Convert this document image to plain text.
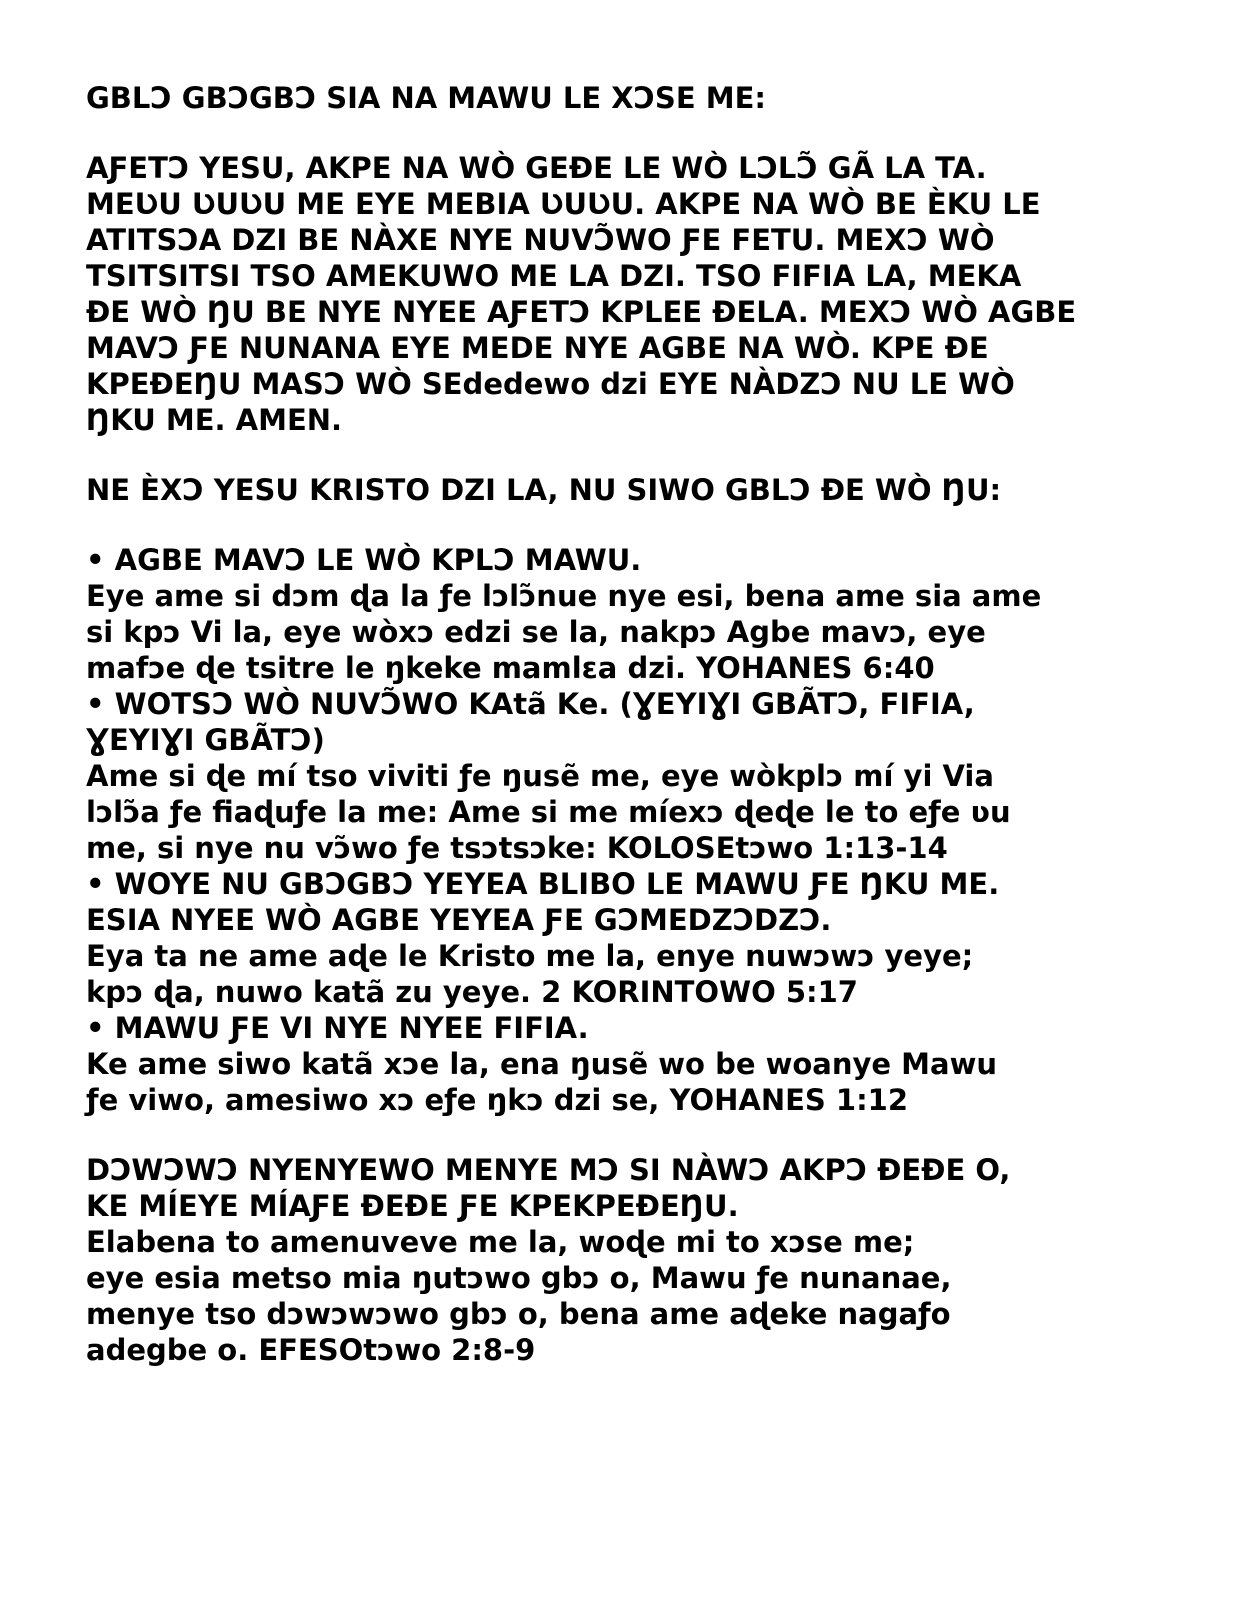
GBLƆ GBƆGBƆ SIA NA MAWU LE XƆSE ME:
AƑETƆ YESU, AKPE NA WÒ GEƉE LE WÒ LƆLƆ̃ GÃ LA TA.
MEƲU ƲUƲU ME EYE MEBIA ƲUƲU. AKPE NA WÒ BE ÈKU LE
ATITSƆA DZI BE NÀXE NYE NUVƆ̃WO ƑE FETU. MEXƆ WÒ
TSITSITSI TSO AMEKUWO ME LA DZI. TSO FIFIA LA, MEKA
ƉE WÒ ŊU BE NYE NYEE AƑETƆ KPLEE ƉELA. MEXƆ WÒ AGBE
MAVƆ ƑE NUNANA EYE MEDE NYE AGBE NA WÒ. KPE ƉE
KPEƉEŊU MASƆ WÒ SEdedewo dzi EYE NÀDZƆ NU LE WÒ
ŊKU ME. AMEN.
NE ÈXƆ YESU KRISTO DZI LA, NU SIWO GBLƆ ƉE WÒ ŊU:
• AGBE MAVƆ LE WÒ KPLƆ MAWU.
Eye ame si dɔm ɖa la ƒe lɔlɔ̃nue nye esi, bena ame sia ame
si kpɔ Vi la, eye wòxɔ edzi se la, nakpɔ Agbe mavɔ, eye
mafɔe ɖe tsitre le ŋkeke mamlɛa dzi. YOHANES 6:40
• WOTSƆ WÒ NUVƆ̃WO KAtã Ke. (ƔEYIƔI GBÃTƆ, FIFIA,
ƔEYIƔI GBÃTƆ)
Ame si ɖe mí tso viviti ƒe ŋusẽ me, eye wòkplɔ mí yi Via
lɔlɔ̃a ƒe fiaɖuƒe la me: Ame si me míexɔ ɖeɖe le to eƒe ʋu
me, si nye nu vɔ̃wo ƒe tsɔtsɔke: KOLOSEtɔwo 1:13-14
• WOYE NU GBƆGBƆ YEYEA BLIBO LE MAWU ƑE ŊKU ME.
ESIA NYEE WÒ AGBE YEYEA ƑE GƆMEDZƆDZƆ.
Eya ta ne ame aɖe le Kristo me la, enye nuwɔwɔ yeye;
kpɔ ɖa, nuwo katã zu yeye. 2 KORINTOWO 5:17
• MAWU ƑE VI NYE NYEE FIFIA.
Ke ame siwo katã xɔe la, ena ŋusẽ wo be woanye Mawu
ƒe viwo, amesiwo xɔ eƒe ŋkɔ dzi se, YOHANES 1:12
DƆWƆWƆ NYENYEWO MENYE MƆ SI NÀWƆ AKPƆ ƉEƉE O,
KE MÍEYE MÍAƑE ƉEƉE ƑE KPEKPEƉEŊU.
Elabena to amenuveve me la, woɖe mi to xɔse me;
eye esia metso mia ŋutɔwo gbɔ o, Mawu ƒe nunanae,
menye tso dɔwɔwɔwo gbɔ o, bena ame aɖeke nagaƒo
adegbe o. EFESOtɔwo 2:8-9
